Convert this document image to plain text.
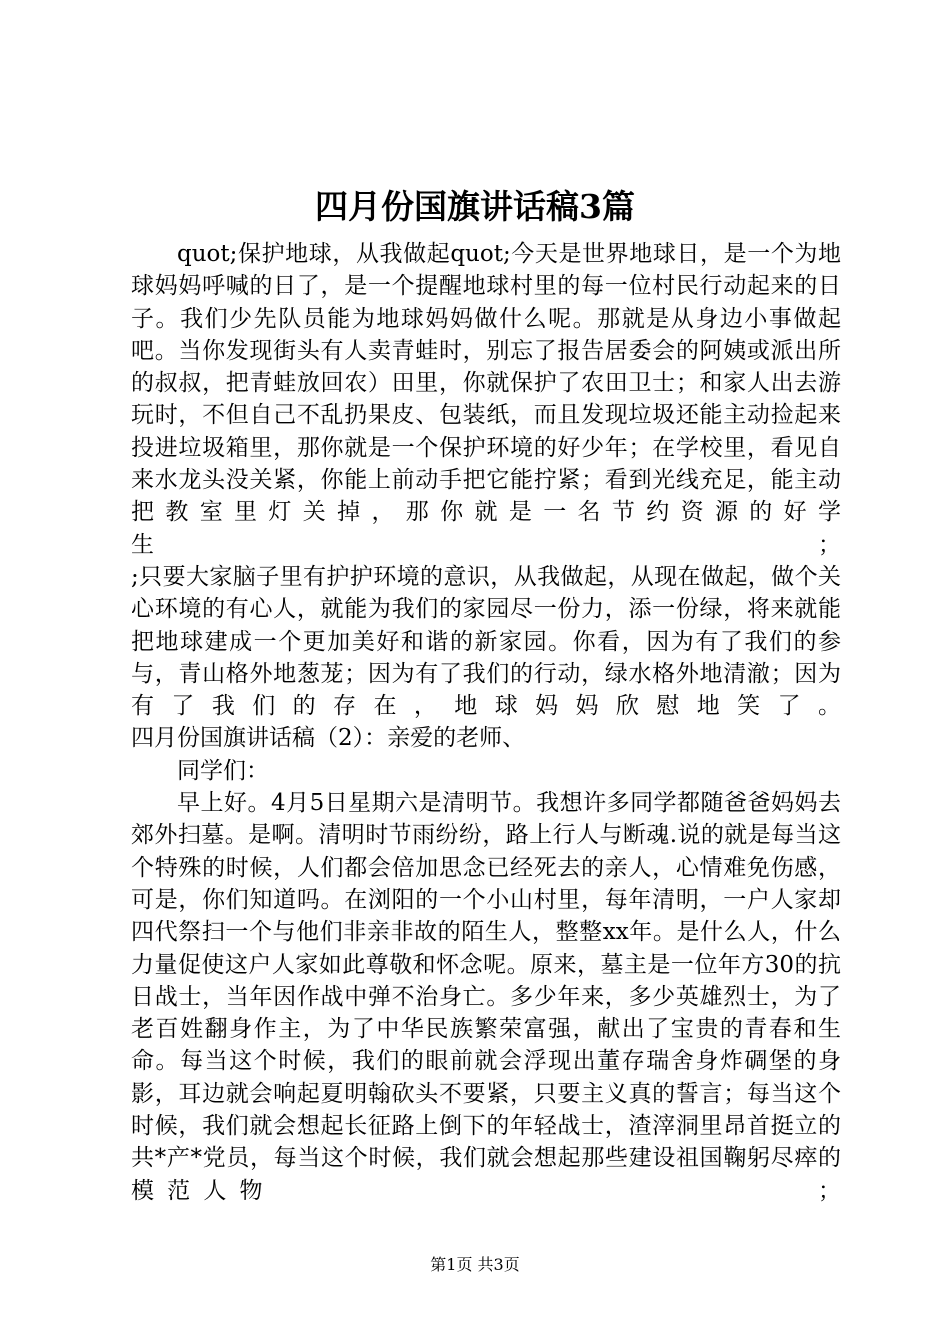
四月份国旗讲话稿3篇

quot;保护地球，从我做起quot;今天是世界地球日，是一个为地球妈妈呼喊的日了，是一个提醒地球村里的每一位村民行动起来的日子。我们少先队员能为地球妈妈做什么呢。那就是从身边小事做起吧。当你发现街头有人卖青蛙时，别忘了报告居委会的阿姨或派出所的叔叔，把青蛙放回农）田里，你就保护了农田卫士；和家人出去游玩时，不但自己不乱扔果皮、包装纸，而且发现垃圾还能主动捡起来投进垃圾箱里，那你就是一个保护环境的好少年；在学校里，看见自来水龙头没关紧，你能上前动手把它能拧紧；看到光线充足，能主动把教室里灯关掉，那你就是一名节约资源的好学生　　　　　　　　　　　　；

;只要大家脑子里有护护环境的意识，从我做起，从现在做起，做个关心环境的有心人，就能为我们的家园尽一份力，添一份绿，将来就能把地球建成一个更加美好和谐的新家园。你看，因为有了我们的参与，青山格外地葱茏；因为有了我们的行动，绿水格外地清澈；因为有了我们的存在，地球妈妈欣慰地笑了。

四月份国旗讲话稿（2）：亲爱的老师、

同学们：

早上好。4月5日星期六是清明节。我想许多同学都随爸爸妈妈去郊外扫墓。是啊。清明时节雨纷纷，路上行人与断魂.说的就是每当这个特殊的时候，人们都会倍加思念已经死去的亲人，心情难免伤感，可是，你们知道吗。在浏阳的一个小山村里，每年清明，一户人家却四代祭扫一个与他们非亲非故的陌生人，整整xx年。是什么人，什么力量促使这户人家如此尊敬和怀念呢。原来，墓主是一位年方30的抗日战士，当年因作战中弹不治身亡。多少年来，多少英雄烈士，为了老百姓翻身作主，为了中华民族繁荣富强，献出了宝贵的青春和生命。每当这个时候，我们的眼前就会浮现出董存瑞舍身炸碉堡的身影，耳边就会响起夏明翰砍头不要紧，只要主义真的誓言；每当这个时候，我们就会想起长征路上倒下的年轻战士，渣滓洞里昂首挺立的共*产*党员，每当这个时候，我们就会想起那些建设祖国鞠躬尽瘁的模范人物　　　　　　　　　　　　　　　；

第1页 共3页
